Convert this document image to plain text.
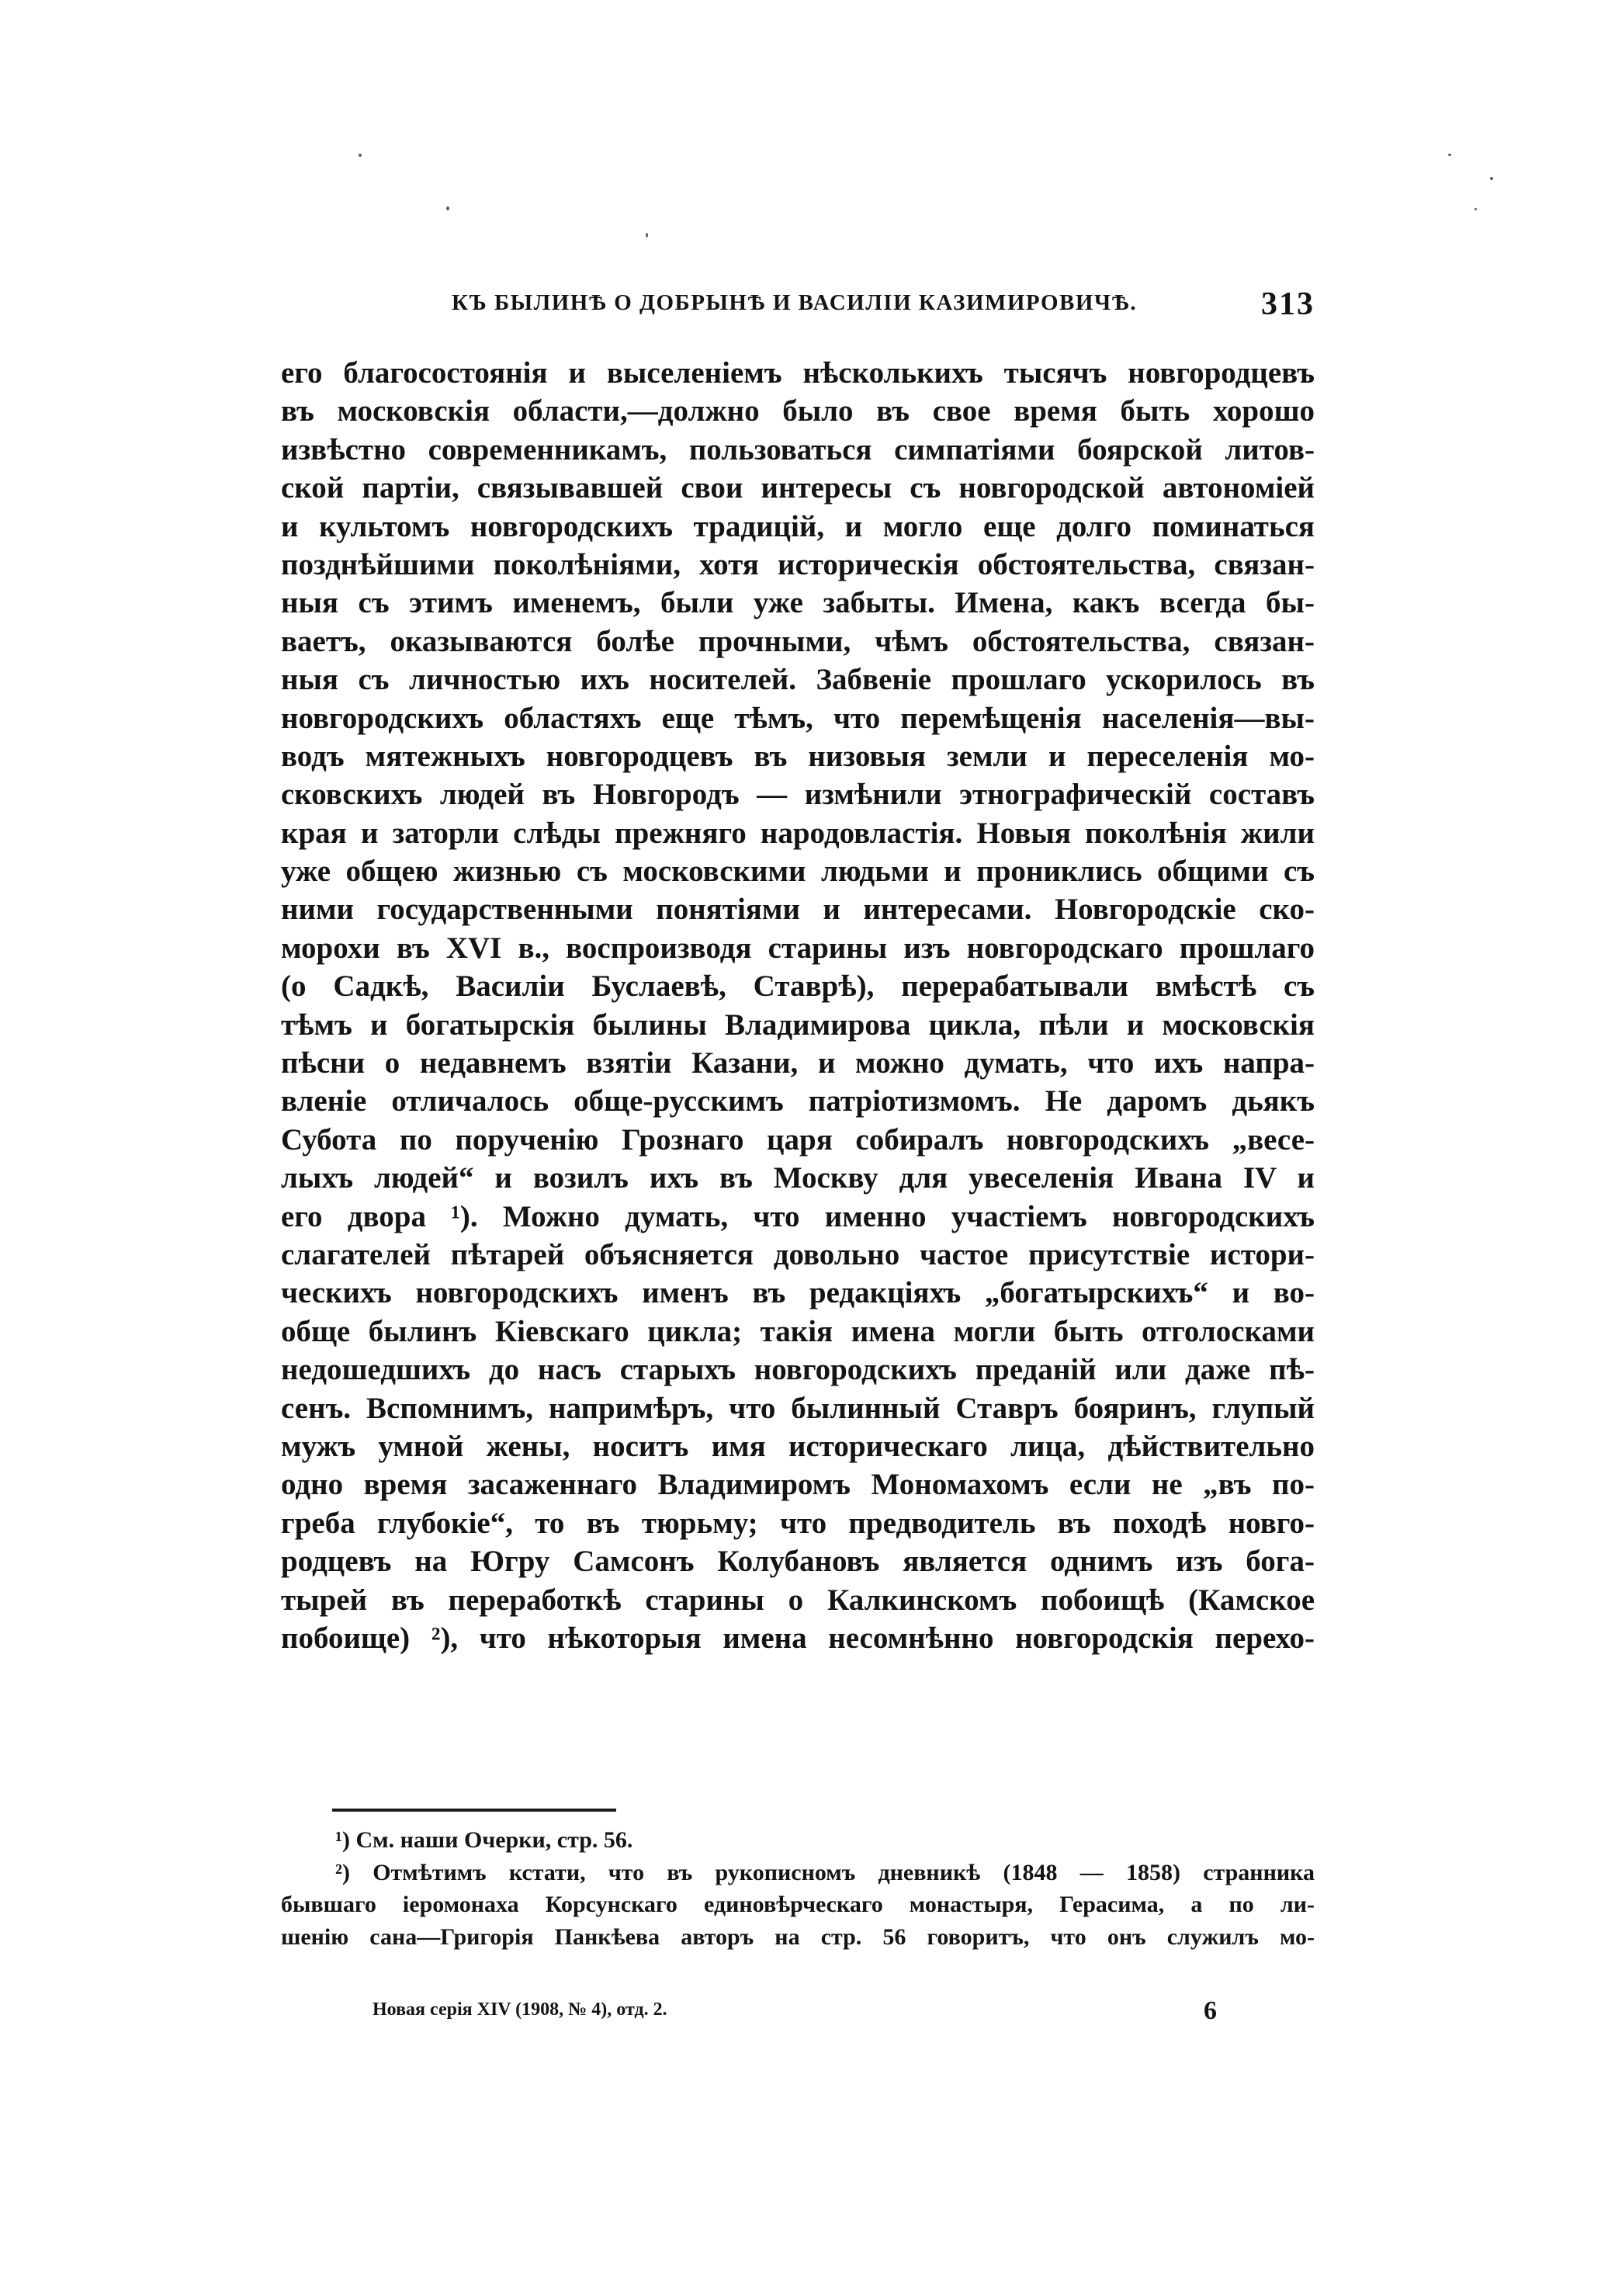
КЪ БЫЛИНѢ О ДОБРЫНѢ И ВАСИЛІИ КАЗИМИРОВИЧѢ.	313
его благосостоянія и выселеніемъ нѣсколькихъ тысячъ новгородцевъ
въ московскія области,—должно было въ свое время быть хорошо
извѣстно современникамъ, пользоваться симпатіями боярской литов-
ской партіи, связывавшей свои интересы съ новгородской автономіей
и культомъ новгородскихъ традицій, и могло еще долго поминаться
позднѣйшими поколѣніями, хотя историческія обстоятельства, связан-
ныя съ этимъ именемъ, были уже забыты. Имена, какъ всегда бы-
ваетъ, оказываются болѣе прочными, чѣмъ обстоятельства, связан-
ныя съ личностью ихъ носителей. Забвеніе прошлаго ускорилось въ
новгородскихъ областяхъ еще тѣмъ, что перемѣщенія населенія—вы-
водъ мятежныхъ новгородцевъ въ низовыя земли и переселенія мо-
сковскихъ людей въ Новгородъ — измѣнили этнографическій составъ
края и заторли слѣды прежняго народовластія. Новыя поколѣнія жили
уже общею жизнью съ московскими людьми и прониклись общими съ
ними государственными понятіями и интересами. Новгородскіе ско-
морохи въ XVI в., воспроизводя старины изъ новгородскаго прошлаго
(о Садкѣ, Василіи Буслаевѣ, Ставрѣ), перерабатывали вмѣстѣ съ
тѣмъ и богатырскія былины Владимирова цикла, пѣли и московскія
пѣсни о недавнемъ взятіи Казани, и можно думать, что ихъ напра-
вленіе отличалось обще-русскимъ патріотизмомъ. Не даромъ дьякъ
Субота по порученію Грознаго царя собиралъ новгородскихъ „весе-
лыхъ людей“ и возилъ ихъ въ Москву для увеселенія Ивана IV и
его двора ¹). Можно думать, что именно участіемъ новгородскихъ
слагателей пѣтарей объясняется довольно частое присутствіе истори-
ческихъ новгородскихъ именъ въ редакціяхъ „богатырскихъ“ и во-
обще былинъ Кіевскаго цикла; такія имена могли быть отголосками
недошедшихъ до насъ старыхъ новгородскихъ преданій или даже пѣ-
сенъ. Вспомнимъ, напримѣръ, что былинный Ставръ бояринъ, глупый
мужъ умной жены, носитъ имя историческаго лица, дѣйствительно
одно время засаженнаго Владимиромъ Мономахомъ если не „въ по-
греба глубокіе“, то въ тюрьму; что предводитель въ походѣ новго-
родцевъ на Югру Самсонъ Колубановъ является однимъ изъ бога-
тырей въ переработкѣ старины о Калкинскомъ побоищѣ (Камское
побоище) ²), что нѣкоторыя имена несомнѣнно новгородскія перехо-
¹) См. наши Очерки, стр. 56.
²) Отмѣтимъ кстати, что въ рукописномъ дневникѣ (1848 — 1858) странника
бывшаго іеромонаха Корсунскаго единовѣрческаго монастыря, Герасима, а по ли-
шенію сана—Григорія Панкѣева авторъ на стр. 56 говоритъ, что онъ служилъ мо-
Новая серія XIV (1908, № 4), отд. 2.	6
